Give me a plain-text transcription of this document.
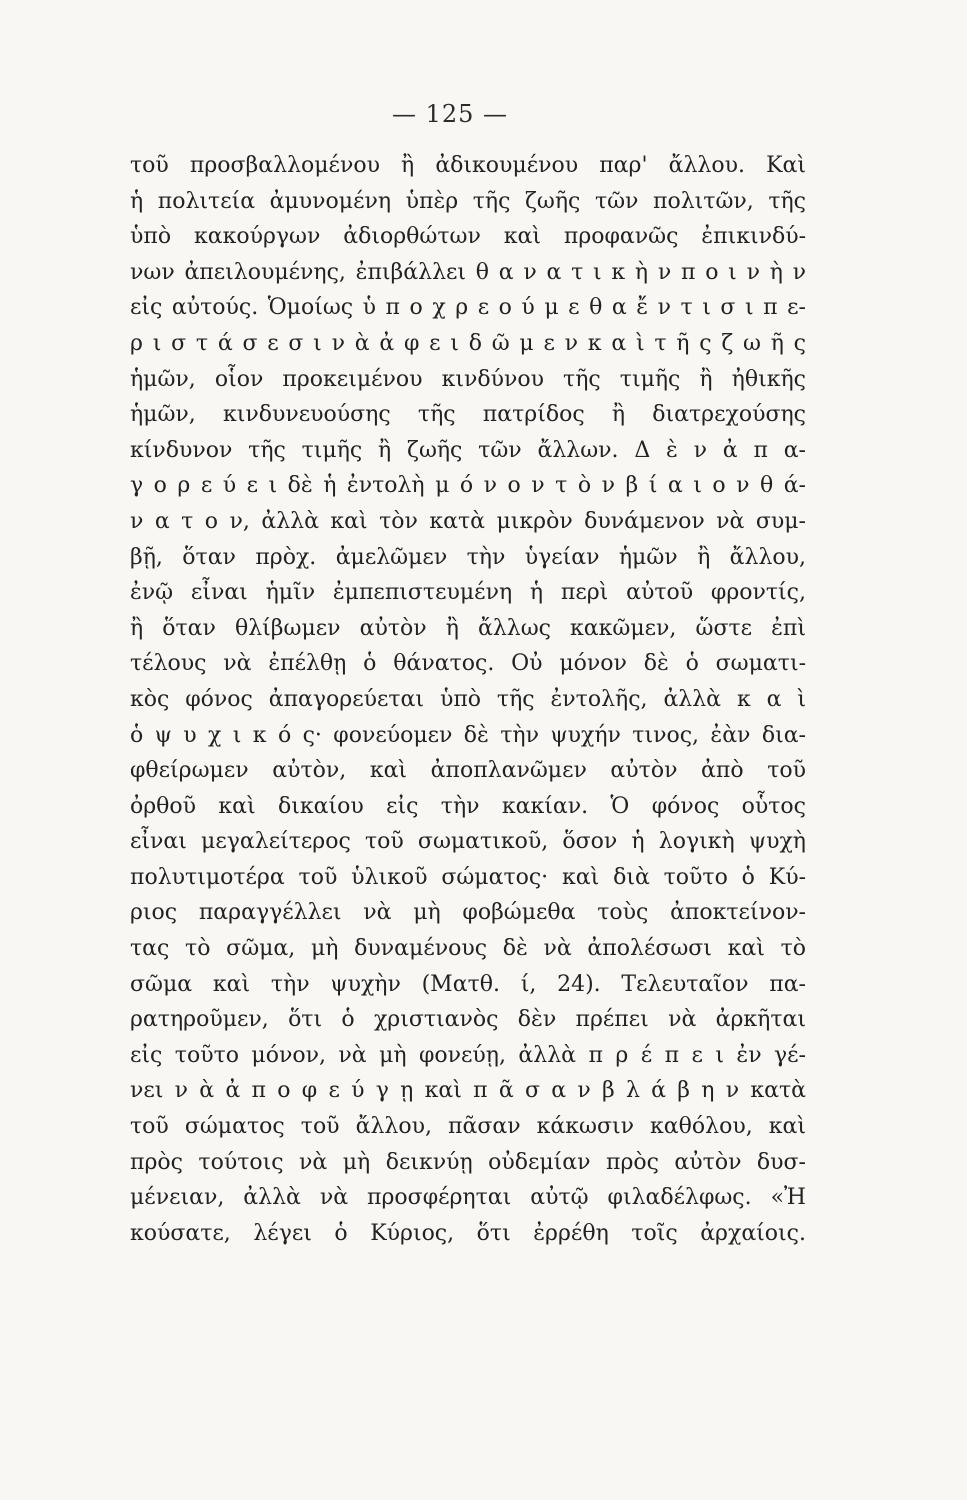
— 125 —
τοῦ προσβαλλομένου ἢ ἀδικουμένου παρ' ἄλλου. Καὶ
ἡ πολιτεία ἀμυνομένη ὑπὲρ τῆς ζωῆς τῶν πολιτῶν, τῆς
ὑπὸ κακούργων ἀδιορθώτων καὶ προφανῶς ἐπικινδύ-
νων ἀπειλουμένης, ἐπιβάλλει θ α ν α τ ι κ ὴ ν π ο ι ν ὴ ν
εἰς αὐτούς. Ὁμοίως ὑ π ο χ ρ ε ο ύ μ ε θ α ἔ ν τ ι σ ι π ε-
ρ ι σ τ ά σ ε σ ι ν ὰ ἀ φ ε ι δ ῶ μ ε ν κ α ὶ τ ῆ ς ζ ω ῆ ς
ἡμῶν, οἷον προκειμένου κινδύνου τῆς τιμῆς ἢ ἠθικῆς
ἡμῶν, κινδυνευούσης τῆς πατρίδος ἢ διατρεχούσης
κίνδυνον τῆς τιμῆς ἢ ζωῆς τῶν ἄλλων. Δ ὲ ν ἀ π α-
γ ο ρ ε ύ ε ι δὲ ἡ ἐντολὴ μ ό ν ο ν τ ὸ ν β ί α ι ο ν θ ά-
ν α τ ο ν, ἀλλὰ καὶ τὸν κατὰ μικρὸν δυνάμενον νὰ συμ-
βῇ, ὅταν πρὸχ. ἀμελῶμεν τὴν ὑγείαν ἡμῶν ἢ ἄλλου,
ἐνῷ εἶναι ἡμῖν ἐμπεπιστευμένη ἡ περὶ αὐτοῦ φροντίς,
ἢ ὅταν θλίβωμεν αὐτὸν ἢ ἄλλως κακῶμεν, ὥστε ἐπὶ
τέλους νὰ ἐπέλθῃ ὁ θάνατος. Οὐ μόνον δὲ ὁ σωματι-
κὸς φόνος ἀπαγορεύεται ὑπὸ τῆς ἐντολῆς, ἀλλὰ κ α ὶ
ὁ ψ υ χ ι κ ό ς· φονεύομεν δὲ τὴν ψυχήν τινος, ἐὰν δια-
φθείρωμεν αὐτὸν, καὶ ἀποπλανῶμεν αὐτὸν ἀπὸ τοῦ
ὀρθοῦ καὶ δικαίου εἰς τὴν κακίαν. Ὁ φόνος οὗτος
εἶναι μεγαλείτερος τοῦ σωματικοῦ, ὅσον ἡ λογικὴ ψυχὴ
πολυτιμοτέρα τοῦ ὑλικοῦ σώματος· καὶ διὰ τοῦτο ὁ Κύ-
ριος παραγγέλλει νὰ μὴ φοβώμεθα τοὺς ἀποκτείνον-
τας τὸ σῶμα, μὴ δυναμένους δὲ νὰ ἀπολέσωσι καὶ τὸ
σῶμα καὶ τὴν ψυχὴν (Ματθ. ί, 24). Τελευταῖον πα-
ρατηροῦμεν, ὅτι ὁ χριστιανὸς δὲν πρέπει νὰ ἀρκῆται
εἰς τοῦτο μόνον, νὰ μὴ φονεύῃ, ἀλλὰ π ρ έ π ε ι ἐν γέ-
νει ν ὰ ἀ π ο φ ε ύ γ ῃ καὶ π ᾶ σ α ν β λ ά β η ν κατὰ
τοῦ σώματος τοῦ ἄλλου, πᾶσαν κάκωσιν καθόλου, καὶ
πρὸς τούτοις νὰ μὴ δεικνύῃ οὐδεμίαν πρὸς αὐτὸν δυσ-
μένειαν, ἀλλὰ νὰ προσφέρηται αὐτῷ φιλαδέλφως. «Ἠ
κούσατε, λέγει ὁ Κύριος, ὅτι ἐρρέθη τοῖς ἀρχαίοις.
